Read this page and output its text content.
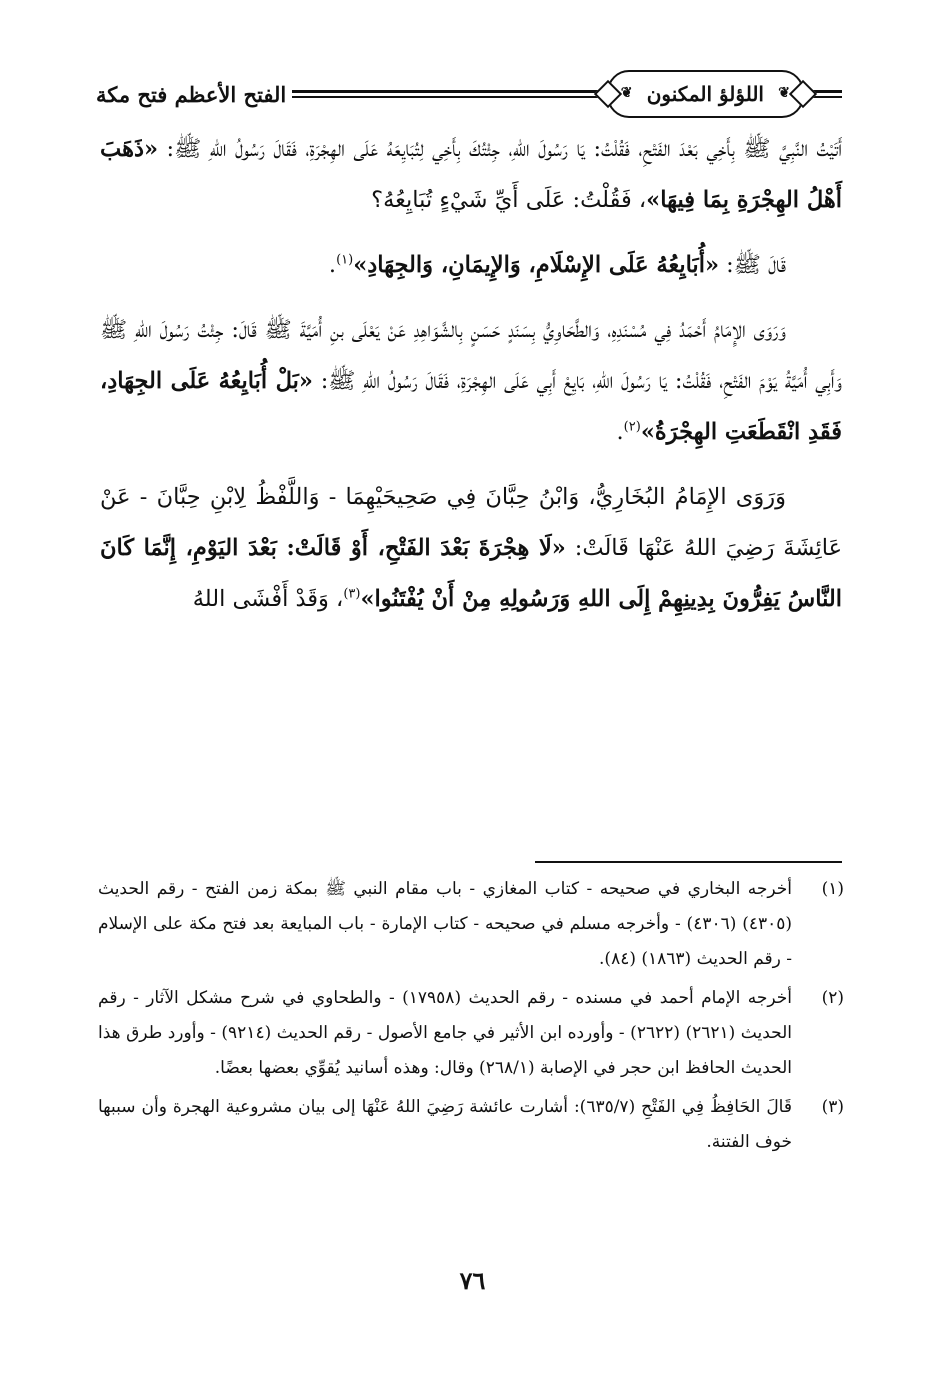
❦
اللؤلؤ المكنون
❦
الفتح الأعظم فتح مكة

أَتَيْتُ النَّبِيَّ ﷺ بِأَخِي بَعْدَ الفَتْحِ، فَقُلْتُ: يَا رَسُولَ اللهِ، جِئْتُكَ بِأَخِي لِتُبَايِعَهُ عَلَى الهِجْرَةِ، فَقَالَ رَسُولُ اللهِ ﷺ: «ذَهَبَ أَهْلُ الهِجْرَةِ بِمَا فِيهَا»، فَقُلْتُ: عَلَى أَيِّ شَيْءٍ تُبَايِعُهُ؟

قَالَ ﷺ: «أُبَايِعُهُ عَلَى الإِسْلَامِ، وَالإِيمَانِ، وَالجِهَادِ»$^{(١)}$.

وَرَوَى الإِمَامُ أَحْمَدُ فِي مُسْنَدِهِ، وَالطَّحَاوِيُّ بِسَنَدٍ حَسَنٍ بِالشَّوَاهِدِ عَنْ يَعْلَى بنِ أُمَيَّةَ ﷺ قَالَ: جِئْتُ رَسُولَ اللهِ ﷺ وَأَبِي أُمَيَّةُ يَوْمَ الفَتْحِ، فَقُلْتُ: يَا رَسُولَ اللهِ، بَايِعْ أَبِي عَلَى الهِجْرَةِ، فَقَالَ رَسُولُ اللهِ ﷺ: «بَلْ أُبَايِعُهُ عَلَى الجِهَادِ، فَقَدِ انْقَطَعَتِ الهِجْرَةُ»$^{(٢)}$.

وَرَوَى الإِمَامُ البُخَارِيُّ، وَابْنُ حِبَّانَ فِي صَحِيحَيْهِمَا - وَاللَّفْظُ لِابْنِ حِبَّانَ - عَنْ عَائِشَةَ رَضِيَ اللهُ عَنْهَا قَالَتْ: «لَا هِجْرَةَ بَعْدَ الفَتْحِ، أَوْ قَالَتْ: بَعْدَ اليَوْمِ، إِنَّمَا كَانَ النَّاسُ يَفِرُّونَ بِدِينِهِمْ إِلَى اللهِ وَرَسُولِهِ مِنْ أَنْ يُفْتَنُوا»$^{(٣)}$، وَقَدْ أَفْشَى اللهُ

(١)
أخرجه البخاري في صحيحه - كتاب المغازي - باب مقام النبي ﷺ بمكة زمن الفتح - رقم الحديث (٤٣٠٥) (٤٣٠٦) - وأخرجه مسلم في صحيحه - كتاب الإمارة - باب المبايعة بعد فتح مكة على الإسلام - رقم الحديث (١٨٦٣) (٨٤).
(٢)
أخرجه الإمام أحمد في مسنده - رقم الحديث (١٧٩٥٨) - والطحاوي في شرح مشكل الآثار - رقم الحديث (٢٦٢١) (٢٦٢٢) - وأورده ابن الأثير في جامع الأصول - رقم الحديث (٩٢١٤) - وأورد طرق هذا الحديث الحافظ ابن حجر في الإصابة (٢٦٨/١) وقال: وهذه أسانيد يُقوِّي بعضها بعضًا.
(٣)
قَالَ الحَافِظُ فِي الفَتْحِ (٦٣٥/٧): أشارت عائشة رَضِيَ اللهُ عَنْهَا إلى بيان مشروعية الهجرة وأن سببها خوف الفتنة.
٧٦
